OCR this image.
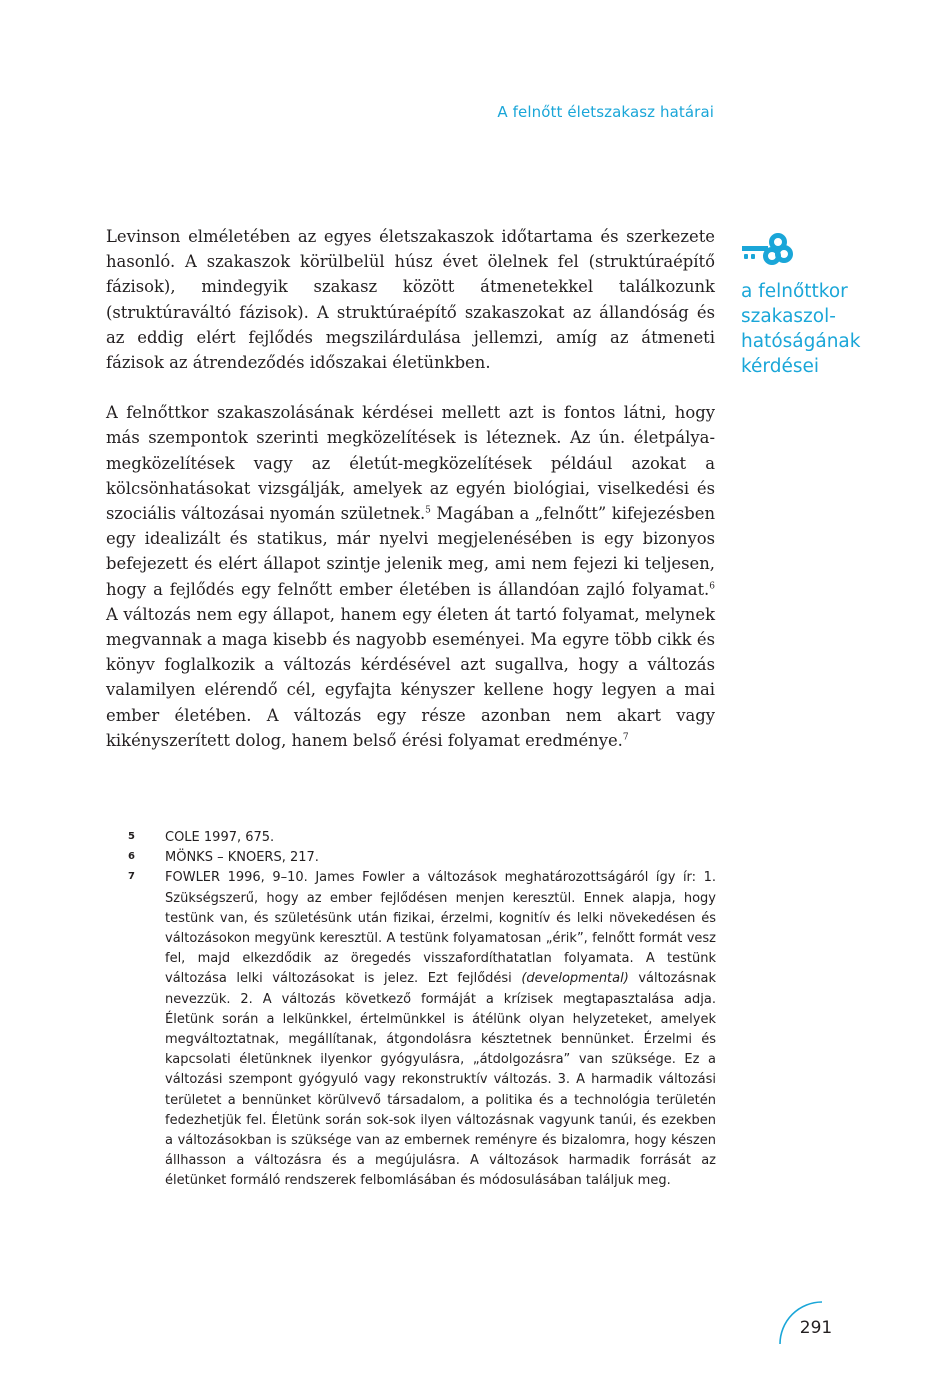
A felnőtt életszakasz határai

Levinson elméletében az egyes életszakaszok időtartama és szerkezete hasonló. A szakaszok körülbelül húsz évet ölelnek fel (struktúraépítő fázisok), mindegyik szakasz között átmenetekkel találkozunk (struktúraváltó fázisok). A struktúraépítő szakaszokat az állandóság és az eddig elért fejlődés megszilárdulása jellemzi, amíg az átmeneti fázisok az átrendeződés időszakai életünkben.

A felnőttkor szakaszolásának kérdései mellett azt is fontos látni, hogy más szempontok szerinti megközelítések is léteznek. Az ún. életpálya-megközelítések vagy az életút-megközelítések például azokat a kölcsönhatásokat vizsgálják, amelyek az egyén biológiai, viselkedési és szociális változásai nyomán születnek.$^5$ Magában a „felnőtt” kifejezésben egy idealizált és statikus, már nyelvi megjelenésében is egy bizonyos befejezett és elért állapot szintje jelenik meg, ami nem fejezi ki teljesen, hogy a fejlődés egy felnőtt ember életében is állandóan zajló folyamat.$^6$ A változás nem egy állapot, hanem egy életen át tartó folyamat, melynek megvannak a maga kisebb és nagyobb eseményei. Ma egyre több cikk és könyv foglalkozik a változás kérdésével azt sugallva, hogy a változás valamilyen elérendő cél, egyfajta kényszer kellene hogy legyen a mai ember életében. A változás egy része azonban nem akart vagy kikényszerített dolog, hanem belső érési folyamat eredménye.$^7$

a felnőttkor
szakaszol-
hatóságának
kérdései
5	COLE 1997, 675.
6	MÖNKS – KNOERS, 217.
7	FOWLER 1996, 9–10. James Fowler a változások meghatározottságáról így ír: 1. Szükségszerű, hogy az ember fejlődésen menjen keresztül. Ennek alapja, hogy testünk van, és születésünk után fizikai, érzelmi, kognitív és lelki növekedésen és változásokon megyünk keresztül. A testünk folyamatosan „érik”, felnőtt formát vesz fel, majd elkezdődik az öregedés visszafordíthatatlan folyamata. A testünk változása lelki változásokat is jelez. Ezt fejlődési (developmental) változásnak nevezzük. 2. A változás következő formáját a krízisek megtapasztalása adja. Életünk során a lelkünkkel, értelmünkkel is átélünk olyan helyzeteket, amelyek megváltoztatnak, megállítanak, átgondolásra késztetnek bennünket. Érzelmi és kapcsolati életünknek ilyenkor gyógyulásra, „átdolgozásra” van szüksége. Ez a változási szempont gyógyuló vagy rekonstruktív változás. 3. A harmadik változási területet a bennünket körülvevő társadalom, a politika és a technológia területén fedezhetjük fel. Életünk során sok-sok ilyen változásnak vagyunk tanúi, és ezekben a változásokban is szüksége van az embernek reményre és bizalomra, hogy készen állhasson a változásra és a megújulásra. A változások harmadik forrását az életünket formáló rendszerek felbomlásában és módosulásában találjuk meg.
291
